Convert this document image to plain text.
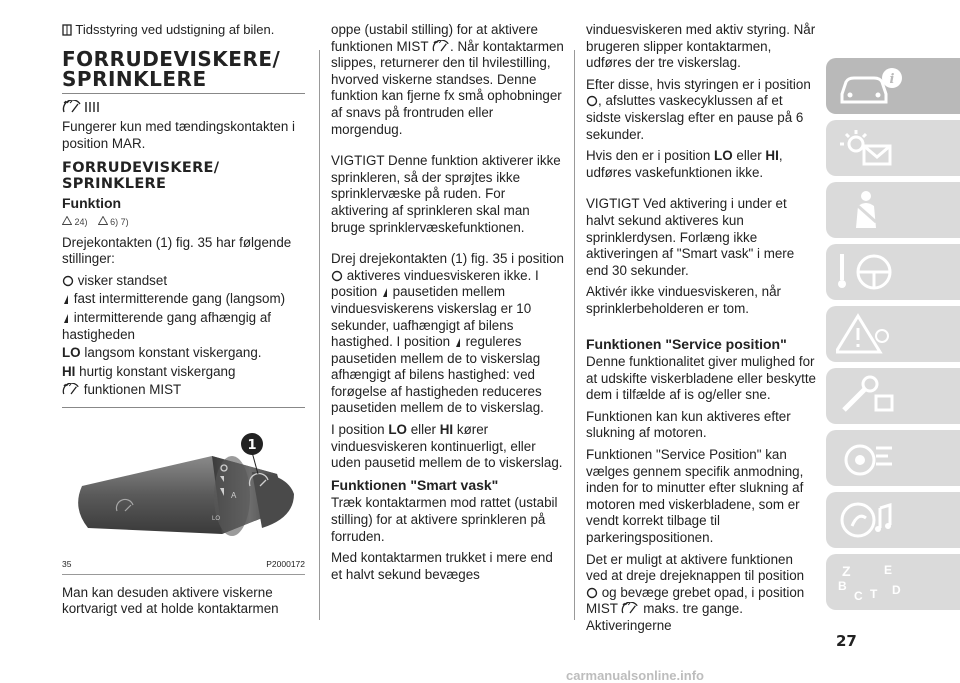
Tidsstyring ved udstigning af bilen.
FORRUDEVISKERE/
SPRINKLERE

Fungerer kun med tændingskontakten i position MAR.

FORRUDEVISKERE/
SPRINKLERE
Funktion
24)	6) 7)

Drejekontakten (1) fig. 35 har følgende stillinger:

visker standset
fast intermitterende gang (langsom)
intermitterende gang afhængig af hastigheden
LO langsom konstant viskergang.
HI hurtig konstant viskergang
funktionen MIST
A
LO
1
35	P2000172

Man kan desuden aktivere viskerne kortvarigt ved at holde kontaktarmen

oppe (ustabil stilling) for at aktivere funktionen MIST . Når kontaktarmen slippes, returnerer den til hvilestilling, hvorved viskerne standses. Denne funktion kan fjerne fx små ophobninger af snavs på frontruden eller morgendug.

VIGTIGT Denne funktion aktiverer ikke sprinkleren, så der sprøjtes ikke sprinklervæske på ruden. For aktivering af sprinkleren skal man bruge sprinklervæskefunktionen.

Drej drejekontakten (1) fig. 35 i position  aktiveres vinduesviskeren ikke. I position pausetiden mellem vinduesviskerens viskerslag er 10 sekunder, uafhængigt af bilens hastighed. I position reguleres pausetiden mellem de to viskerslag afhængigt af bilens hastighed: ved forøgelse af hastigheden reduceres pausetiden mellem de to viskerslag.

I position LO eller HI kører vinduesviskeren kontinuerligt, eller uden pausetid mellem de to viskerslag.

Funktionen "Smart vask"

Træk kontaktarmen mod rattet (ustabil stilling) for at aktivere sprinkleren på forruden.

Med kontaktarmen trukket i mere end et halvt sekund bevæges

vinduesviskeren med aktiv styring. Når brugeren slipper kontaktarmen, udføres der tre viskerslag.

Efter disse, hvis styringen er i position , afsluttes vaskecyklussen af et sidste viskerslag efter en pause på 6 sekunder.

Hvis den er i position LO eller HI, udføres vaskefunktionen ikke.

VIGTIGT Ved aktivering i under et halvt sekund aktiveres kun sprinklerdysen. Forlæng ikke aktiveringen af "Smart vask" i mere end 30 sekunder.

Aktivér ikke vinduesviskeren, når sprinklerbeholderen er tom.

Funktionen "Service position"

Denne funktionalitet giver mulighed for at udskifte viskerbladene eller beskytte dem i tilfælde af is og/eller sne.

Funktionen kan kun aktiveres efter slukning af motoren.

Funktionen "Service Position" kan vælges gennem specifik anmodning, inden for to minutter efter slukning af motoren med viskerbladene, som er vendt korrekt tilbage til parkeringspositionen.

Det er muligt at aktivere funktionen ved at dreje drejeknappen til position  og bevæge grebet opad, i position MIST maks. tre gange. Aktiveringerne

i
Z	E
B
C T D
27
carmanualsonline.info
